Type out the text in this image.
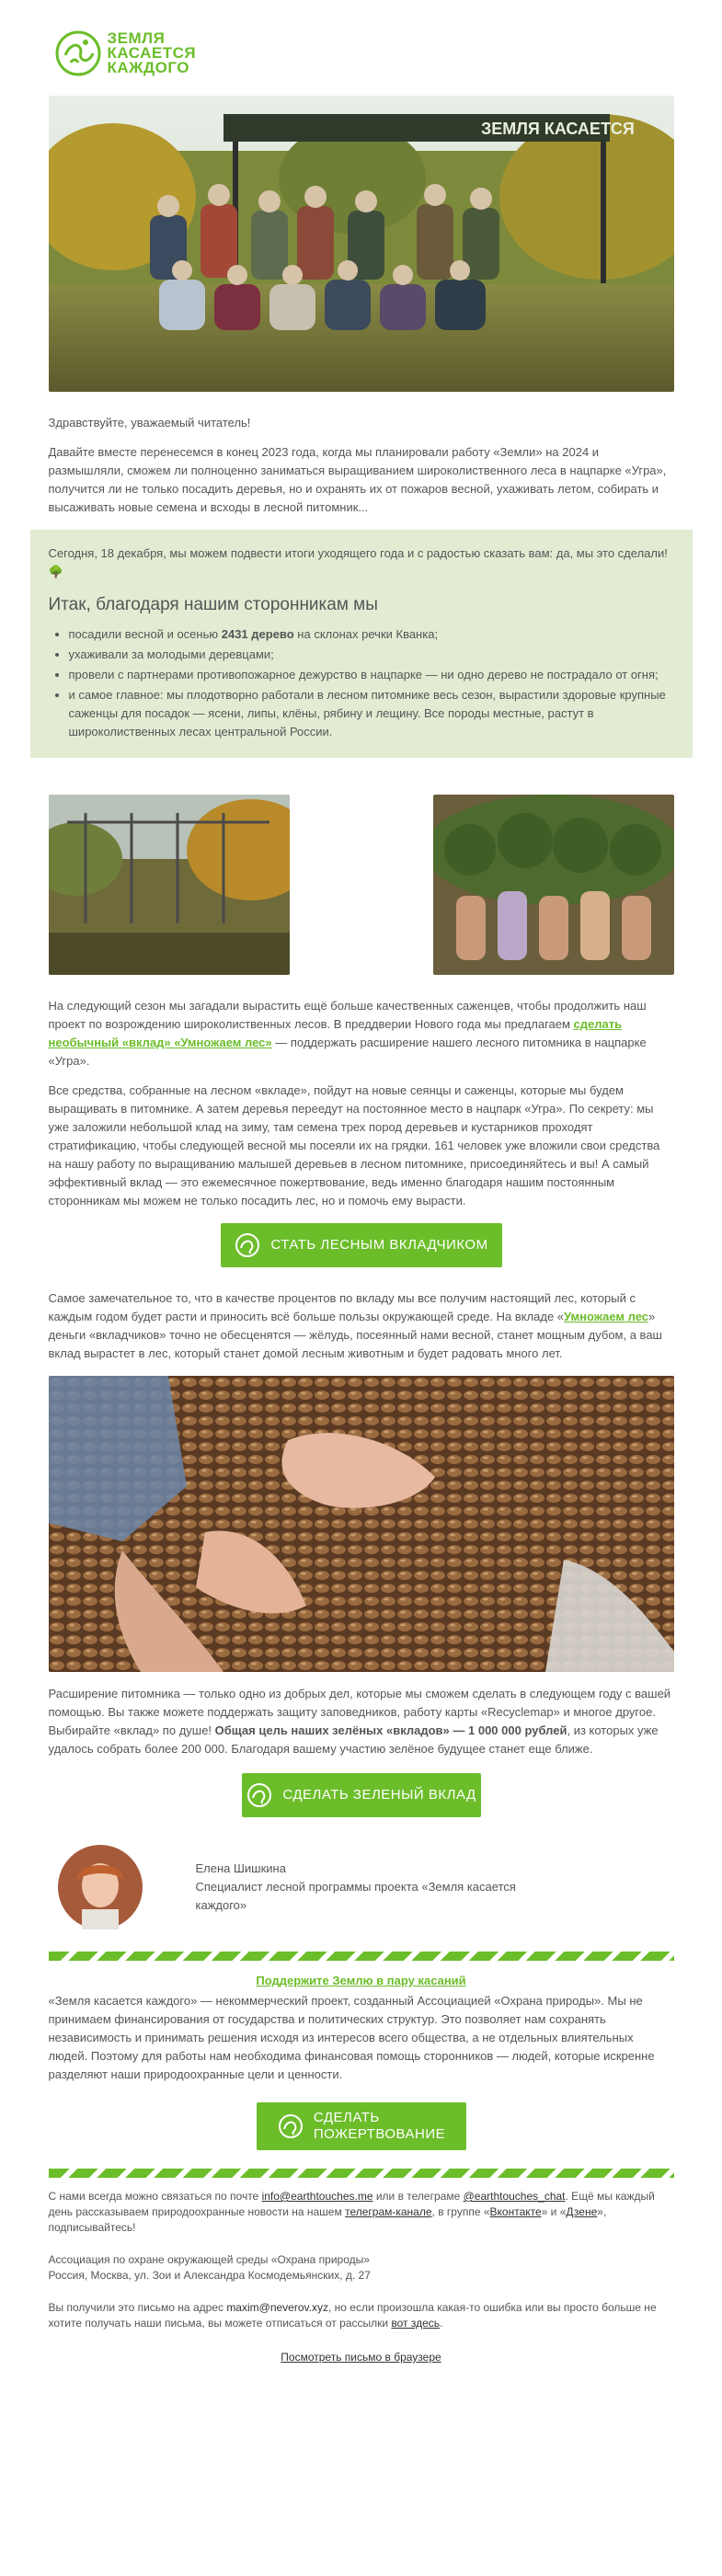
ЗЕМЛЯ
КАСАЕТСЯ
КАЖДОГО
ЗЕМЛЯ КАСАЕТСЯ

Здравствуйте, уважаемый читатель!

Давайте вместе перенесемся в конец 2023 года, когда мы планировали работу «Земли» на 2024 и размышляли, сможем ли полноценно заниматься выращиванием широколиственного леса в нацпарке «Угра», получится ли не только посадить деревья, но и охранять их от пожаров весной, ухаживать летом, собирать и высаживать новые семена и всходы в лесной питомник...

Сегодня, 18 декабря, мы можем подвести итоги уходящего года и с радостью сказать вам: да, мы это сделали! 🌳

Итак, благодаря нашим сторонникам мы
• посадили весной и осенью 2431 дерево на склонах речки Кванка;
• ухаживали за молодыми деревцами;
• провели с партнерами противопожарное дежурство в нацпарке — ни одно дерево не пострадало от огня;
• и самое главное: мы плодотворно работали в лесном питомнике весь сезон, вырастили здоровые крупные саженцы для посадок — ясени, липы, клёны, рябину и лещину. Все породы местные, растут в широколиственных лесах центральной России.

На следующий сезон мы загадали вырастить ещё больше качественных саженцев, чтобы продолжить наш проект по возрождению широколиственных лесов. В преддверии Нового года мы предлагаем сделать необычный «вклад» «Умножаем лес» — поддержать расширение нашего лесного питомника в нацпарке «Угра».

Все средства, собранные на лесном «вкладе», пойдут на новые сеянцы и саженцы, которые мы будем выращивать в питомнике. А затем деревья переедут на постоянное место в нацпарк «Угра». По секрету: мы уже заложили небольшой клад на зиму, там семена трех пород деревьев и кустарников проходят стратификацию, чтобы следующей весной мы посеяли их на грядки. 161 человек уже вложили свои средства на нашу работу по выращиванию малышей деревьев в лесном питомнике, присоединяйтесь и вы! А самый эффективный вклад — это ежемесячное пожертвование, ведь именно благодаря нашим постоянным сторонникам мы можем не только посадить лес, но и помочь ему вырасти.

СТАТЬ ЛЕСНЫМ ВКЛАДЧИКОМ

Самое замечательное то, что в качестве процентов по вкладу мы все получим настоящий лес, который с каждым годом будет расти и приносить всё больше пользы окружающей среде. На вкладе «Умножаем лес» деньги «вкладчиков» точно не обесценятся — жёлудь, посеянный нами весной, станет мощным дубом, а ваш вклад вырастет в лес, который станет домой лесным животным и будет радовать много лет.

Расширение питомника — только одно из добрых дел, которые мы сможем сделать в следующем году с вашей помощью. Вы также можете поддержать защиту заповедников, работу карты «Recyclemap» и многое другое. Выбирайте «вклад» по душе! Общая цель наших зелёных «вкладов» — 1 000 000 рублей, из которых уже удалось собрать более 200 000. Благодаря вашему участию зелёное будущее станет еще ближе.

СДЕЛАТЬ ЗЕЛЕНЫЙ ВКЛАД

Елена Шишкина

Специалист лесной программы проекта «Земля касается каждого»

Поддержите Землю в пару касаний

«Земля касается каждого» — некоммерческий проект, созданный Ассоциацией «Охрана природы». Мы не принимаем финансирования от государства и политических структур. Это позволяет нам сохранять независимость и принимать решения исходя из интересов всего общества, а не отдельных влиятельных людей. Поэтому для работы нам необходима финансовая помощь сторонников — людей, которые искренне разделяют наши природоохранные цели и ценности.

СДЕЛАТЬ
ПОЖЕРТВОВАНИЕ

С нами всегда можно связаться по почте info@earthtouches.me или в телеграме @earthtouches_chat. Ещё мы каждый день рассказываем природоохранные новости на нашем телеграм-канале, в группе «Вконтакте» и «Дзене», подписывайтесь!

Ассоциация по охране окружающей среды «Охрана природы»

Россия, Москва, ул. Зои и Александра Космодемьянских, д. 27

Вы получили это письмо на адрес maxim@neverov.xyz, но если произошла какая-то ошибка или вы просто больше не хотите получать наши письма, вы можете отписаться от рассылки вот здесь.

Посмотреть письмо в браузере
